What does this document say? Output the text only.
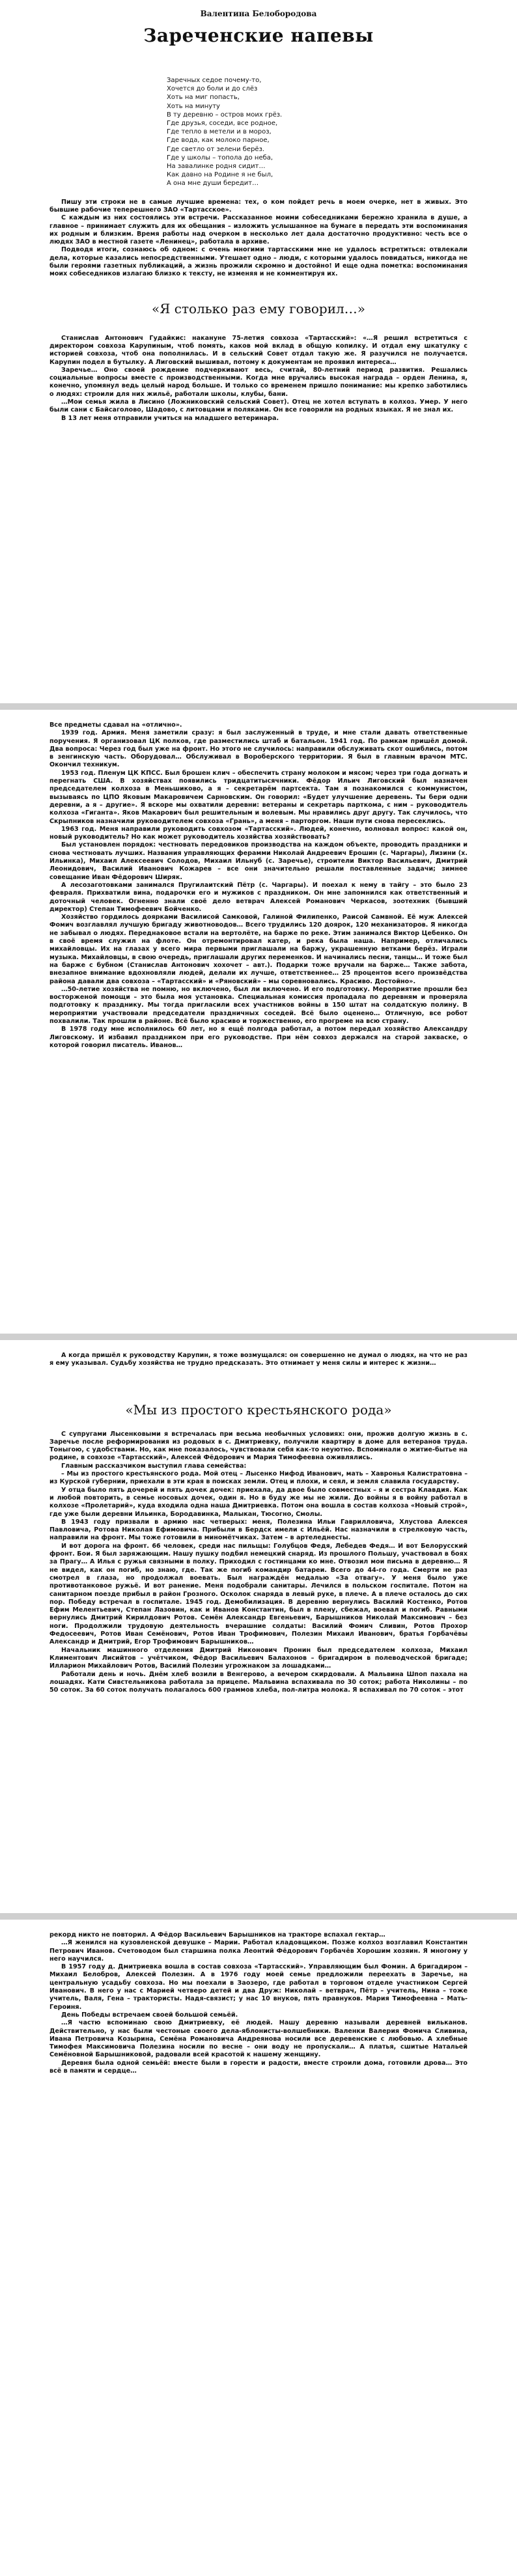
Валентина Белобородова
Зареченские напевы
Заречных седое почему-то,
Хочется до боли и до слёз
Хоть на миг попасть,
Хоть на минуту
В ту деревню – остров моих грёз.
Где друзья, соседи, все родное,
Где тепло в метели и в мороз,
Где вода, как молоко парное,
Где светло от зелени берёз.
Где у школы – топола до неба,
На завалинке родня сидит…
Как давно на Родине я не был,
А она мне души бередит…

Пишу эти строки не в самые лучшие времена: тех, о ком пойдет речь в моем очерке, нет в живых. Это бывшие рабочие теперешнего ЗАО «Тартасское».

С каждым из них состоялись эти встречи. Рассказанное моими собеседниками бережно хранила в душе, а главное – принимает служить для их обещания – изложить услышанное на бумаге в передать эти воспоминания их родным и близким. Время работы над очерком в несколько лет дала достаточно продуктивно: честь все о людях ЗАО в местной газете «Ленинец», работала в архиве.

Подводя итоги, сознаюсь об одном: с очень многими тартасскими мне не удалось встретиться: отвлекали дела, которые казались непосредственными. Утешает одно – люди, с которыми удалось повидаться, никогда не были героями газетных публикаций, а жизнь прожили скромно и достойно! И еще одна пометка: воспоминания моих собеседников излагаю близко к тексту, не изменяя и не комментируя их.

«Я столько раз ему говорил…»

Станислав Антонович Гудайкис: накануне 75-летия совхоза «Тартасский»: «…Я решил встретиться с директором совхоза Карупиным, чтоб помять, каков мой вклад в общую копилку. И отдал ему шкатулку с историей совхоза, чтоб она пополнилась. И в сельский Совет отдал такую же. Я разучился не получается. Карупин подел в бутылку. А Лиговский вышивал, потому к документам не проявил интереса…

Заречье… Оно своей рождение подчеркивают весь, считай, 80-летний период развития. Решались социальные вопросы вместе с производственными. Когда мне вручались высокая награда – орден Ленина, я, конечно, упомянул ведь целый народ больше. И только со временем пришло понимание: мы крепко заботились о людях: строили для них жильё, работали школы, клубы, бани.

…Мои семья жила в Лисино (Ложниковский сельский Совет). Отец не хотел вступать в колхоз. Умер. У него были сани с Байсаголово, Шадово, с литовцами и поляками. Он все говорили на родных языках. Я не знал их.

В 13 лет меня отправили учиться на младшего ветеринара.

Все предметы сдавал на «отлично».

1939 год. Армия. Меня заметили сразу: я был заслуженный в труде, и мне стали давать ответственные поручения. Я организовал ЦК полков, где разместились штаб и батальон. 1941 год. По рамкам пришёл домой. Два вопроса: Через год был уже на фронт. Но этого не случилось: направили обслуживать скот ошиблись, потом в зенгинскую часть. Оборудовал… Обслуживал в Вороберского территории. Я был в главным врачом МТС. Окончил техникум.

1953 год. Пленум ЦК КПСС. Был брошен клич – обеспечить страну молоком и мясом; через три года догнать и перегнать США. В хозяйствах появились тридцатитысячники. Фёдор Ильич Лиговский был назначен председателем колхоза в Меньшиково, а я – секретарём партсекта. Там я познакомился с коммунистом, вызываясь по ЦПО Яковым Макаровичем Сарновским. Он говорил: «Будет улучшение деревень. Ты бери одни деревни, а я – другие». Я вскоре мы охватили деревни: ветераны и секретарь парткома, с ним – руководитель колхоза «Гиганта». Яков Макарович был решительным и волевым. Мы нравились друг другу. Так случилось, что Скрыпников назначили руководителем совхоза «Грань», а меня – парторгом. Наши пути снова пересеклись.

1963 год. Меня направили руководить совхозом «Тартасский». Людей, конечно, волновал вопрос: какой он, новый руководитель? Но как может руководитель хозяйства хозяйствовать?

Был установлен порядок: честновать передовиков производства на каждом объекте, проводить праздники и снова честновать лучших. Названия управляющих ферамми Николай Андреевич Ерошин (с. Чаргары), Лизини (х. Ильинка), Михаил Алексеевич Солодов, Михаил Ильнуб (с. Заречье), строители Виктор Васильевич, Дмитрий Леонидович, Василий Иванович Кожарев – все они значительно решали поставленные задачи; зимнее совещание Иван Фёдорович Ширяк.

А лесозаготовками занимался Пругилаитский Пётр (с. Чаргары). И поехал к нему в тайгу – это было 23 февраля. Прихватили вина, подарочки его и мужиков с праздником. Он мне запомнился как ответственный и доточный человек. Огненно знали своё дело ветврач Алексей Романович Черкасов, зоотехник (бывший директор) Степан Тимофеевич Бойченко.

Хозяйство гордилось доярками Василисой Самковой, Галиной Филипенко, Раисой Самвной. Её муж Алексей Фомич возглавлял лучшую бригаду животноводов… Всего трудились 120 доярок, 120 механизаторов. Я никогда не забывал о людях. Переднаковое встали на вертолёте, на барже по реке. Этим занимался Виктор Цебенко. Он в своё время служил на флоте. Он отремонтировал катер, и река была наша. Например, отличались михайловцы. Их на глазах у всего мира первыми приглашали на баржу, украшенную ветками берёз. Играли музыка. Михайловцы, в свою очередь, приглашали других переменков. И начинались песни, танцы… И тоже был на барже с бубном (Станислав Антонович хохочет – авт.). Подарки тоже вручали на барже… Также забота, внезапное внимание вдохновляли людей, делали их лучше, ответственнее… 25 процентов всего произвёдства района давали два совхоза – «Тартасский» и «Ряновский» – мы соревновались. Красиво. Достойно».

…50-летие хозяйства не помню, но включено, был ли включено. И его подготовку. Мероприятие прошли без восторженой помощи – это была моя установка. Специальная комиссия пропадала по деревням и проверяла подготовку к празднику. Мы тогда пригласили всех участников войны в 150 штат на солдатскую полину. В мероприятии участвовали председатели праздничных соседей. Всё было оценено… Отличную, все робот похвалили. Так прошли в районе. Всё было красиво и торжественно, его прогреме на всю страну.

В 1978 году мне исполнилось 60 лет, но я ещё полгода работал, а потом передал хозяйство Александру Лиговскому. И избавил праздником при его руководстве. При нём совхоз держался на старой закваске, о которой говорил писатель. Иванов…

А когда пришёл к руководству Карупин, я тоже возмущался: он совершенно не думал о людях, на что не раз я ему указывал. Судьбу хозяйства не трудно предсказать. Это отнимает у меня силы и интерес к жизни…

«Мы из простого крестьянского рода»

С супругами Лысенковыми я встречалась при весьма необычных условиях: они, прожив долгую жизнь в с. Заречье после реформирования из родовых в с. Дмитриевку, получили квартиру в доме для ветеранов труда. Тоныгою, с удобствами. Но, как мне показалось, чувствовали себя как-то неуютно. Вспоминали о житие-бытье на родине, в совхозе «Тартасский», Алексей Фёдорович и Мария Тимофеевна оживлялись.

Главным рассказчиком выступил глава семейства:

– Мы из простого крестьянского рода. Мой отец – Лысенко Нифод Иванович, мать – Хавронья Калистратовна – из Курской губернии, приехали в эти края в поисках земли. Отец и плохи, и сеял, и земля славила государству.

У отца было пять дочерей и пять дочек дочек: приехала, да двое было совместных – я и сестра Клавдия. Как и любой повторить, в семье носовых дочек, один я. Но в буду же мы не жили. До войны я в войну работал в колхозе «Пролетарий», куда входила одна наша Дмитриевка. Потом она вошла в состав колхоза «Новый строй», где уже были деревни Ильинка, Бородавинка, Малыкан, Тюсогно, Смолы.

В 1943 году призвали в армию нас четверых: меня, Полезина Ильи Гаврилловича, Хлустова Алексея Павловича, Ротова Николая Ефимовича. Прибыли в Бердск имели с Ильёй. Нас назначили в стрелковую часть, направили на фронт. Мы тоже готовили в миномётчиках. Затем – в артеледнесты.

И вот дорога на фронт. 66 человек, среди нас пильщы: Голубцов Федя, Лебедев Федя… И вот Белорусский фронт. Бои. Я был заряжающим. Нашу пушку подбил немецкий снаряд. Из прошлого Польшу, участвовал в боях за Прагу… А Илья с ружья связными в полку. Приходил с гостинцами ко мне. Отвозил мои письма в деревню… Я не видел, как он погиб, но знаю, где. Так же погиб командир батареи. Всего до 44-го года. Смерти не раз смотрел в глаза, но продолжал воевать. Был награждён медалью «За отвагу». У меня было уже противотанковое ружьё. И вот ранение. Меня подобрали санитары. Лечился в польском госпитале. Потом на санитарном поезде прибыл в район Грозного. Осколок снаряда в левый руке, в плече. А в плече осталось до сих пор. Победу встречал в госпитале. 1945 год. Демобилизация. В деревню вернулись Василий Костенко, Ротов Ефим Мелентьевич, Степан Лазовин, как и Иванов Константин, был в плену, сбежал, воевал и погиб. Равными вернулись Дмитрий Кирилдович Ротов. Семён Александр Евгеньевич, Барышников Николай Максимович – без ноги. Продолжили трудовую деятельность вчерашние солдаты: Василий Фомич Сливин, Ротов Прохор Федосеевич, Ротов Иван Семёнович, Ротов Иван Трофимович, Полезин Михаил Иванович, братья Горбачёвы Александр и Дмитрий, Егор Трофимович Барышников…

Начальник машинного отделения Дмитрий Никонович Пронин был председателем колхоза, Михаил Климентович Лисийтов – учётчиком, Фёдор Васильевич Балахонов – бригадиром в полеводческой бригаде; Илларион Михайлович Ротов, Василий Полезин угрожнаком за лошадками…

Работали день и ночь. Днём хлеб возили в Венгерово, а вечером скирдовали. А Мальвина Шпоп пахала на лошадях. Кати Сивстельникова работала за прицепе. Мальвина вспахивала по 30 соток; работа Николины – по 50 соток. За 60 соток получать полагалось 600 граммов хлеба, пол-литра молока. Я вспахивал по 70 соток – этот

рекорд никто не повторил. А Фёдор Васильевич Барышников на тракторе вспахал гектар…

…Я женился на кузовленской девушке – Марии. Работал кладовщиком. Позже колхоз возглавил Константин Петрович Иванов. Счетоводом был старшина полка Леонтий Фёдорович Горбачёв Хорошим хозяин. Я многому у него научился.

В 1957 году д. Дмитриевка вошла в состав совхоза «Тартасский». Управляющим был Фомин. А бригадиром – Михаил Белобров, Алексей Полезин. А в 1976 году моей семье предложили переехать в Заречье, на центральную усадьбу совхоза. Но мы поехали в Заозеро, где работал в торговом отделе участником Сергей Иванович. В него у нас с Марией четверо детей и два Друж: Николай – ветврач, Пётр – учитель, Нина – тоже учитель, Валя, Гена – трактористы. Надя-связист; у нас 10 внуков, пять правнуков. Мария Тимофеевна – Мать-Героиня.

День Победы встречаем своей большой семьёй.

…Я частю вспоминаю свою Дмитриевку, её людей. Нашу деревню называли деревней вильканов. Действительно, у нас были честоные своего дела-яблонисты-волшебники. Валенки Валерия Фомича Сливина, Ивана Петровича Козырина, Семёна Романовича Андреянова носили все деревенские с любовью. А хлебные Тимофея Максимовича Полезина носили по весне – они воду не пропускали… А платья, сшитые Натальей Семёновной Барышниковой, радовали всей красотой к нашему женщину.

Деревня была одной семьёй: вместе были в горести и радости, вместе строили дома, готовили дрова… Это всё в памяти и сердце…
